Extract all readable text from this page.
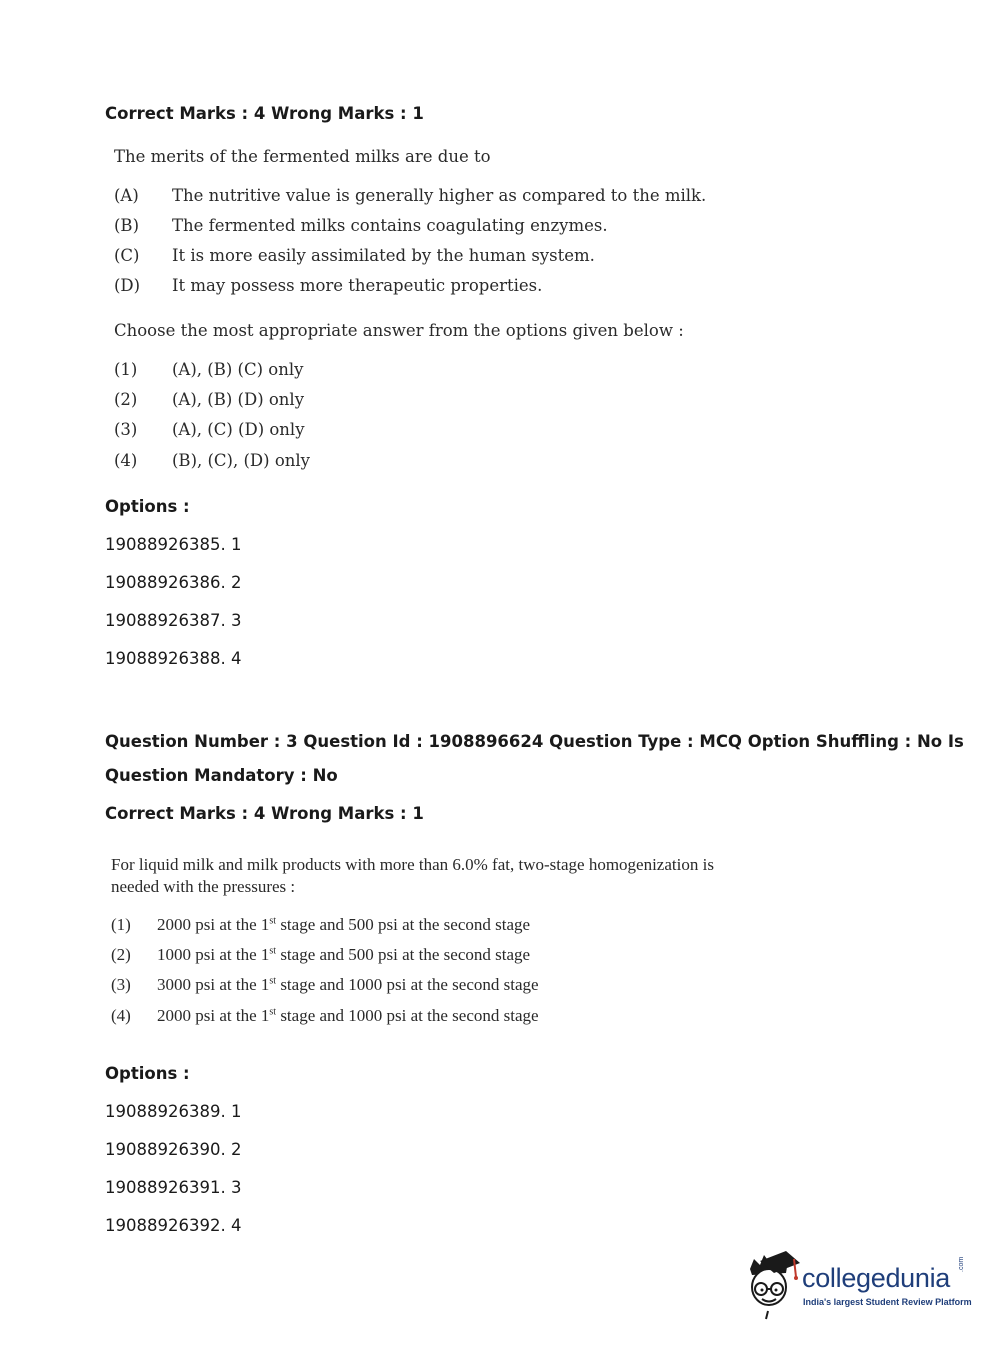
Correct Marks : 4 Wrong Marks : 1
The merits of the fermented milks are due to
(A) The nutritive value is generally higher as compared to the milk.
(B) The fermented milks contains coagulating enzymes.
(C) It is more easily assimilated by the human system.
(D) It may possess more therapeutic properties.
Choose the most appropriate answer from the options given below :
(1) (A), (B) (C) only
(2) (A), (B) (D) only
(3) (A), (C) (D) only
(4) (B), (C), (D) only
Options :
19088926385. 1
19088926386. 2
19088926387. 3
19088926388. 4
Question Number : 3 Question Id : 1908896624 Question Type : MCQ Option Shuffling : No Is
Question Mandatory : No
Correct Marks : 4 Wrong Marks : 1
For liquid milk and milk products with more than 6.0% fat, two-stage homogenization is
needed with the pressures :
(1) 2000 psi at the 1st stage and 500 psi at the second stage
(2) 1000 psi at the 1st stage and 500 psi at the second stage
(3) 3000 psi at the 1st stage and 1000 psi at the second stage
(4) 2000 psi at the 1st stage and 1000 psi at the second stage
Options :
19088926389. 1
19088926390. 2
19088926391. 3
19088926392. 4
collegedunia .com
India's largest Student Review Platform
